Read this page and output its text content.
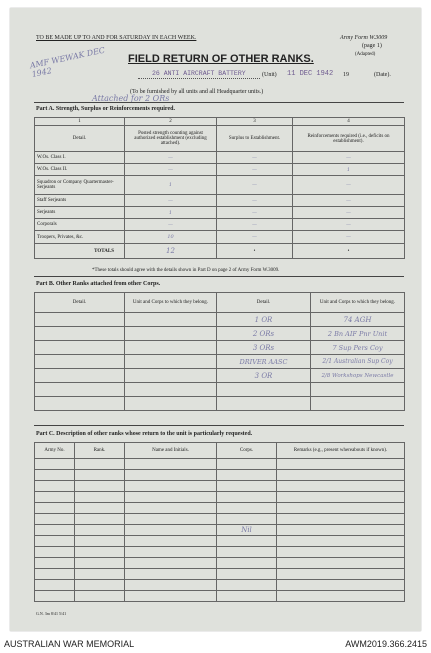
TO BE MADE UP TO AND FOR SATURDAY IN EACH WEEK.	Army Form W.3009
(page 1)
(Adapted)
AMF WEWAK DEC 1942
FIELD RETURN OF OTHER RANKS.
26 ANTI AIRCRAFT BATTERY	(Unit) 11 DEC 1942 19	(Date).
(To be furnished by all units and all Headquarter units.)
Attached for 2 ORs
Part A. Strength, Surplus or Reinforcements required.
1	2	3	4
Detail.	Posted strength counting against authorized establishment (excluding attached).	Surplus to Establishment.	Reinforcements required (i.e., deficits on establishment).
W.Os. Class I.	—	—	—
W.Os. Class II.	—	—	1
Squadron or Company Quartermaster-Serjeants	1	—	—
Staff Serjeants	—	—	—
Serjeants	1	—	—
Corporals	—	—	—
Troopers, Privates, &c.	10	—	—
TOTALS	12	•	•
*These totals should agree with the details shown in Part D on page 2 of Army Form W.3009.
Part B. Other Ranks attached from other Corps.
Detail.	Unit and Corps to which they belong.	Detail.	Unit and Corps to which they belong.
		1 OR	74 AGH
		2 ORs	2 Bn AIF Pnr Unit
		3 ORs	7 Sup Pers Coy
		DRIVER AASC	2/1 Australian Sup Coy
		3 OR	2/8 Workshops Newcastle

Part C. Description of other ranks whose return to the unit is particularly requested.
Army No.	Rank.	Name and Initials.	Corps.	Remarks (e.g., present whereabouts if known).

			Nil	

G.N. 3m 8/41 5/41
AUSTRALIAN WAR MEMORIAL	AWM2019.366.2415
